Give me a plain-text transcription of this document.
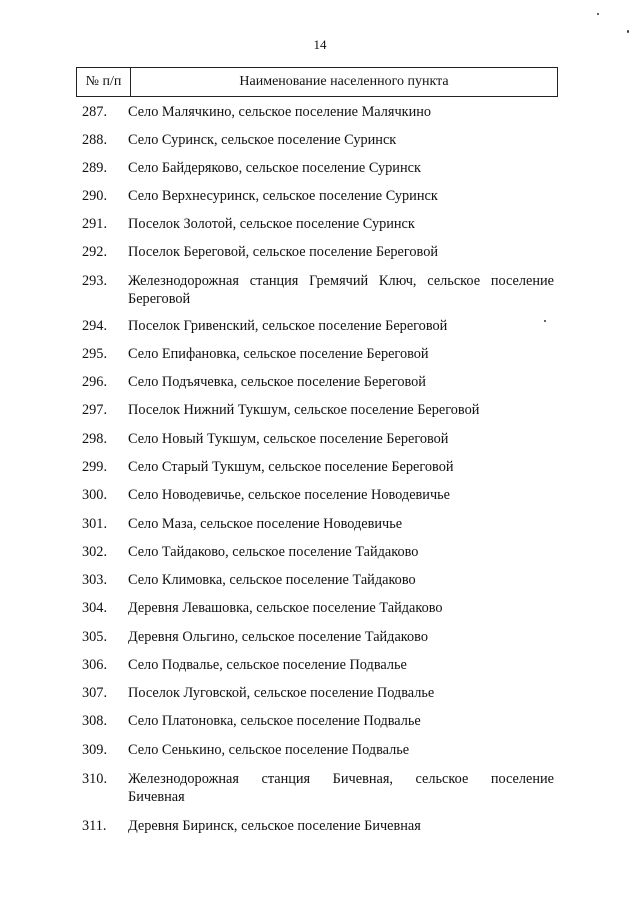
14
№ п/п	Наименование населенного пункта
287.	Село Малячкино, сельское поселение Малячкино
288.	Село Суринск, сельское поселение Суринск
289.	Село Байдеряково, сельское поселение Суринск
290.	Село Верхнесуринск, сельское поселение Суринск
291.	Поселок Золотой, сельское поселение Суринск
292.	Поселок Береговой, сельское поселение Береговой
293.	Железнодорожная станция Гремячий Ключ, сельское поселение
Береговой
294.	Поселок Гривенский, сельское поселение Береговой
295.	Село Епифановка, сельское поселение Береговой
296.	Село Подъячевка, сельское поселение Береговой
297.	Поселок Нижний Тукшум, сельское поселение Береговой
298.	Село Новый Тукшум, сельское поселение Береговой
299.	Село Старый Тукшум, сельское поселение Береговой
300.	Село Новодевичье, сельское поселение Новодевичье
301.	Село Маза, сельское поселение Новодевичье
302.	Село Тайдаково, сельское поселение Тайдаково
303.	Село Климовка, сельское поселение Тайдаково
304.	Деревня Левашовка, сельское поселение Тайдаково
305.	Деревня Ольгино, сельское поселение Тайдаково
306.	Село Подвалье, сельское поселение Подвалье
307.	Поселок Луговской, сельское поселение Подвалье
308.	Село Платоновка, сельское поселение Подвалье
309.	Село Сенькино, сельское поселение Подвалье
310.	Железнодорожная станция Бичевная, сельское поселение
Бичевная
311.	Деревня Биринск, сельское поселение Бичевная
